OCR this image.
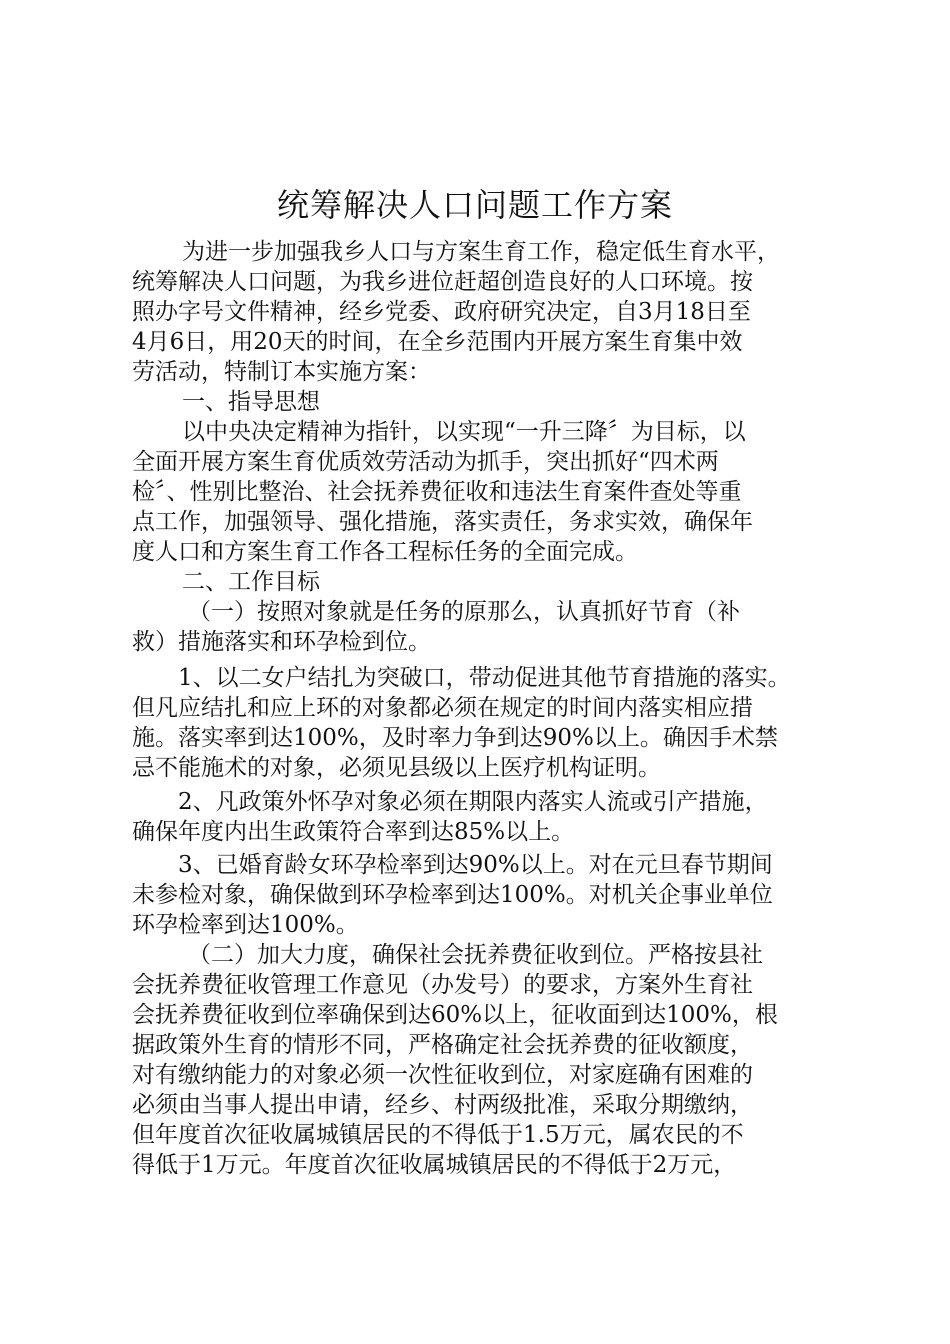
统筹解决人口问题工作方案

为进一步加强我乡人口与方案生育工作，稳定低生育水平，

统筹解决人口问题，为我乡进位赶超创造良好的人口环境。按

照办字号文件精神，经乡党委、政府研究决定，自3月18日至

4月6日，用20天的时间，在全乡范围内开展方案生育集中效

劳活动，特制订本实施方案：

一、指导思想

以中央决定精神为指针，以实现“一升三降〞为目标，以

全面开展方案生育优质效劳活动为抓手，突出抓好“四术两

检〞、性别比整治、社会抚养费征收和违法生育案件查处等重

点工作，加强领导、强化措施，落实责任，务求实效，确保年

度人口和方案生育工作各工程标任务的全面完成。

二、工作目标

（一）按照对象就是任务的原那么，认真抓好节育（补

救）措施落实和环孕检到位。

1、以二女户结扎为突破口，带动促进其他节育措施的落实。

但凡应结扎和应上环的对象都必须在规定的时间内落实相应措

施。落实率到达100%，及时率力争到达90%以上。确因手术禁

忌不能施术的对象，必须见县级以上医疗机构证明。

2、凡政策外怀孕对象必须在期限内落实人流或引产措施，

确保年度内出生政策符合率到达85%以上。

3、已婚育龄女环孕检率到达90%以上。对在元旦春节期间

未参检对象，确保做到环孕检率到达100%。对机关企事业单位

环孕检率到达100%。

（二）加大力度，确保社会抚养费征收到位。严格按县社

会抚养费征收管理工作意见（办发号）的要求，方案外生育社

会抚养费征收到位率确保到达60%以上，征收面到达100%，根

据政策外生育的情形不同，严格确定社会抚养费的征收额度，

对有缴纳能力的对象必须一次性征收到位，对家庭确有困难的

必须由当事人提出申请，经乡、村两级批准，采取分期缴纳，

但年度首次征收属城镇居民的不得低于1.5万元，属农民的不

得低于1万元。年度首次征收属城镇居民的不得低于2万元，
